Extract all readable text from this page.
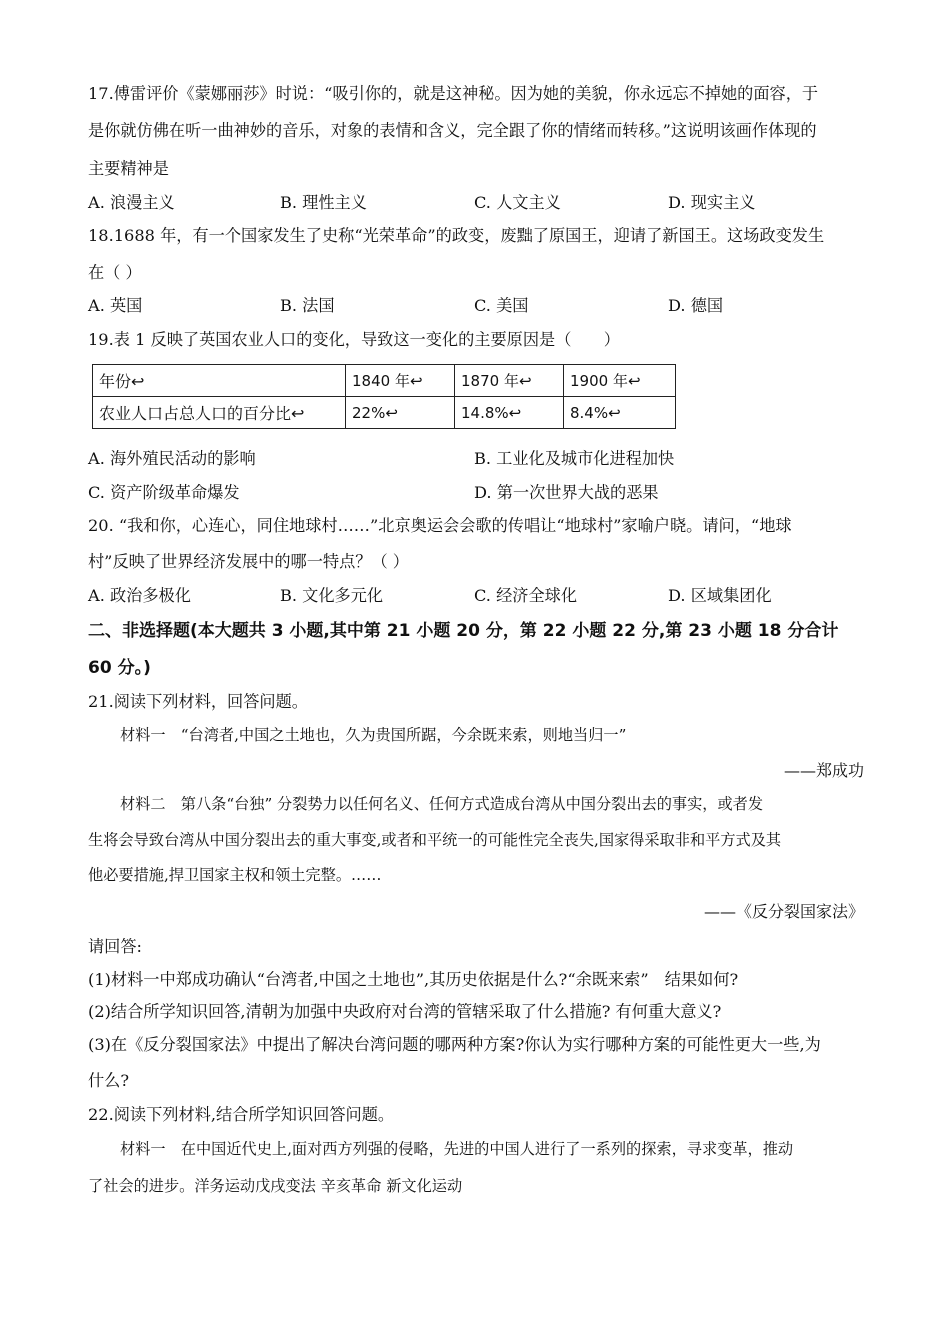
17.傅雷评价《蒙娜丽莎》时说：“吸引你的，就是这神秘。因为她的美貌，你永远忘不掉她的面容，于
是你就仿佛在听一曲神妙的音乐，对象的表情和含义，完全跟了你的情绪而转移。”这说明该画作体现的
主要精神是
A. 浪漫主义	B. 理性主义	C. 人文主义	D. 现实主义
18.1688 年，有一个国家发生了史称“光荣革命”的政变，废黜了原国王，迎请了新国王。这场政变发生
在（ ）
A. 英国	B. 法国	C. 美国	D. 德国
19.表 1 反映了英国农业人口的变化，导致这一变化的主要原因是（　　）
年份↩	1840 年↩	1870 年↩	1900 年↩
农业人口占总人口的百分比↩	22%↩	14.8%↩	8.4%↩
A. 海外殖民活动的影响	B. 工业化及城市化进程加快
C. 资产阶级革命爆发	D. 第一次世界大战的恶果
20. “我和你，心连心，同住地球村……”北京奥运会会歌的传唱让“地球村”家喻户晓。请问，“地球
村”反映了世界经济发展中的哪一特点？（ ）
A. 政治多极化	B. 文化多元化	C. 经济全球化	D. 区域集团化
二、非选择题(本大题共 3 小题,其中第 21 小题 20 分，第 22 小题 22 分,第 23 小题 18 分合计
60 分。)
21.阅读下列材料，回答问题。
材料一　“台湾者,中国之土地也，久为贵国所踞，今余既来索，则地当归一”
——郑成功
材料二　第八条“台独” 分裂势力以任何名义、任何方式造成台湾从中国分裂出去的事实，或者发
生将会导致台湾从中国分裂出去的重大事变,或者和平统一的可能性完全丧失,国家得采取非和平方式及其
他必要措施,捍卫国家主权和领土完整。……
——《反分裂国家法》
请回答:
(1)材料一中郑成功确认“台湾者,中国之土地也”,其历史依据是什么?“余既来索”　结果如何?
(2)结合所学知识回答,清朝为加强中央政府对台湾的管辖采取了什么措施? 有何重大意义?
(3)在《反分裂国家法》中提出了解决台湾问题的哪两种方案?你认为实行哪种方案的可能性更大一些,为
什么?
22.阅读下列材料,结合所学知识回答问题。
材料一　在中国近代史上,面对西方列强的侵略，先进的中国人进行了一系列的探索，寻求变革，推动
了社会的进步。洋务运动戊戌变法 辛亥革命 新文化运动
